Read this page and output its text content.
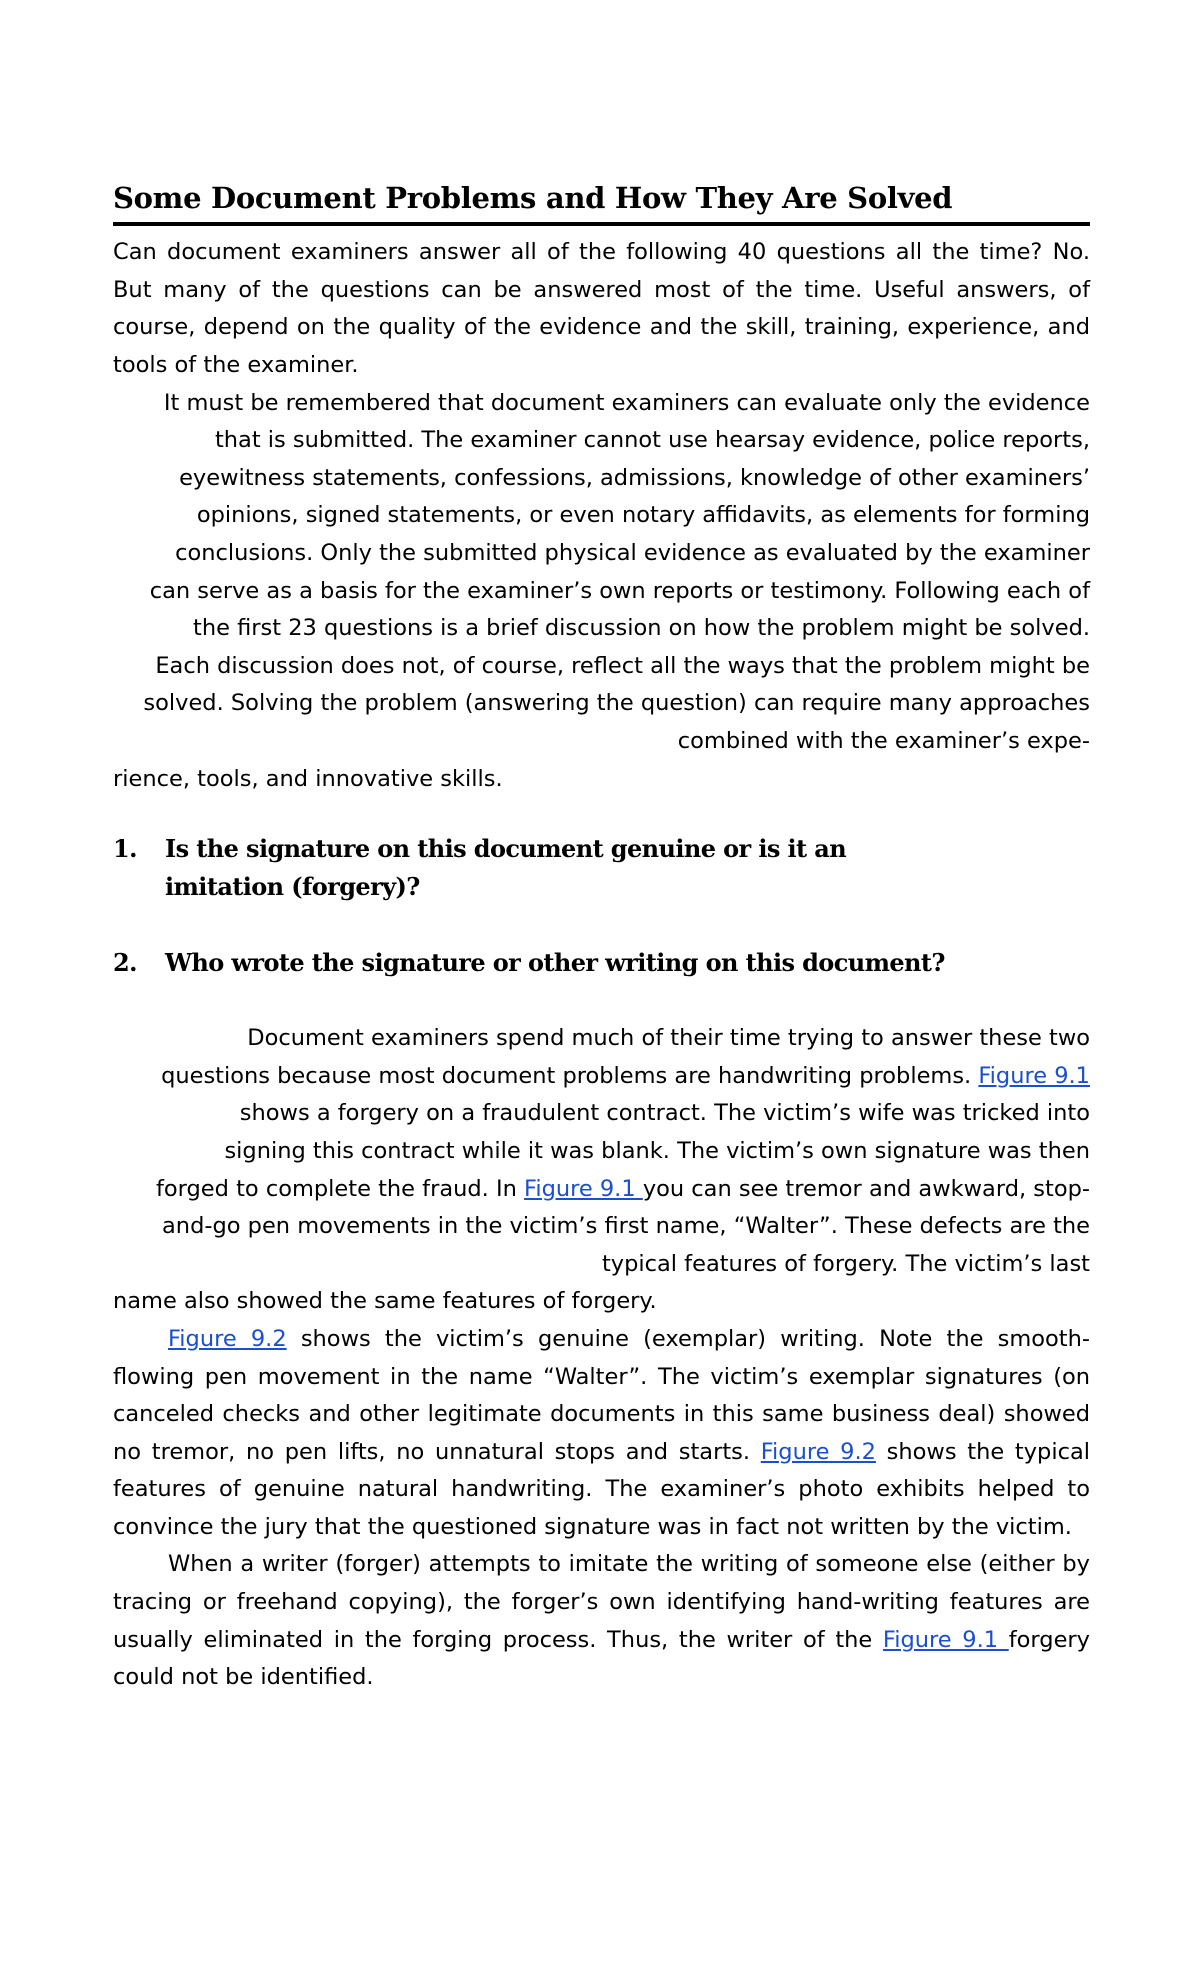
Some Document Problems and How They Are Solved

Can document examiners answer all of the following 40 questions all the time? No. But many of the questions can be answered most of the time. Useful answers, of course, depend on the quality of the evidence and the skill, training, experience, and tools of the examiner.

It must be remembered that document examiners can evaluate only the evidence that is submitted. The examiner cannot use hearsay evidence, police reports, eyewitness statements, confessions, admissions, knowledge of other examiners’ opinions, signed statements, or even notary affidavits, as elements for forming conclusions. Only the submitted physical evidence as evaluated by the examiner can serve as a basis for the examiner’s own reports or testimony. Following each of the first 23 questions is a brief discussion on how the problem might be solved. Each discussion does not, of course, reflect all the ways that the problem might be solved. Solving the problem (answering the question) can require many approaches combined with the examiner’s expe-

rience, tools, and innovative skills.

1.	Is the signature on this document genuine or is it an imitation (forgery)?
2.	Who wrote the signature or other writing on this document?

Document examiners spend much of their time trying to answer these two questions because most document problems are handwriting problems. Figure 9.1 shows a forgery on a fraudulent contract. The victim’s wife was tricked into signing this contract while it was blank. The victim’s own signature was then forged to complete the fraud. In Figure 9.1 you can see tremor and awkward, stop-and-go pen movements in the victim’s first name, “Walter”. These defects are the typical features of forgery. The victim’s last

name also showed the same features of forgery.

Figure 9.2 shows the victim’s genuine (exemplar) writing. Note the smooth-flowing pen movement in the name “Walter”. The victim’s exemplar signatures (on canceled checks and other legitimate documents in this same business deal) showed no tremor, no pen lifts, no unnatural stops and starts. Figure 9.2 shows the typical features of genuine natural handwriting. The examiner’s photo exhibits helped to convince the jury that the questioned signature was in fact not written by the victim.

When a writer (forger) attempts to imitate the writing of someone else (either by tracing or freehand copying), the forger’s own identifying hand-writing features are usually eliminated in the forging process. Thus, the writer of the Figure 9.1 forgery could not be identified.
